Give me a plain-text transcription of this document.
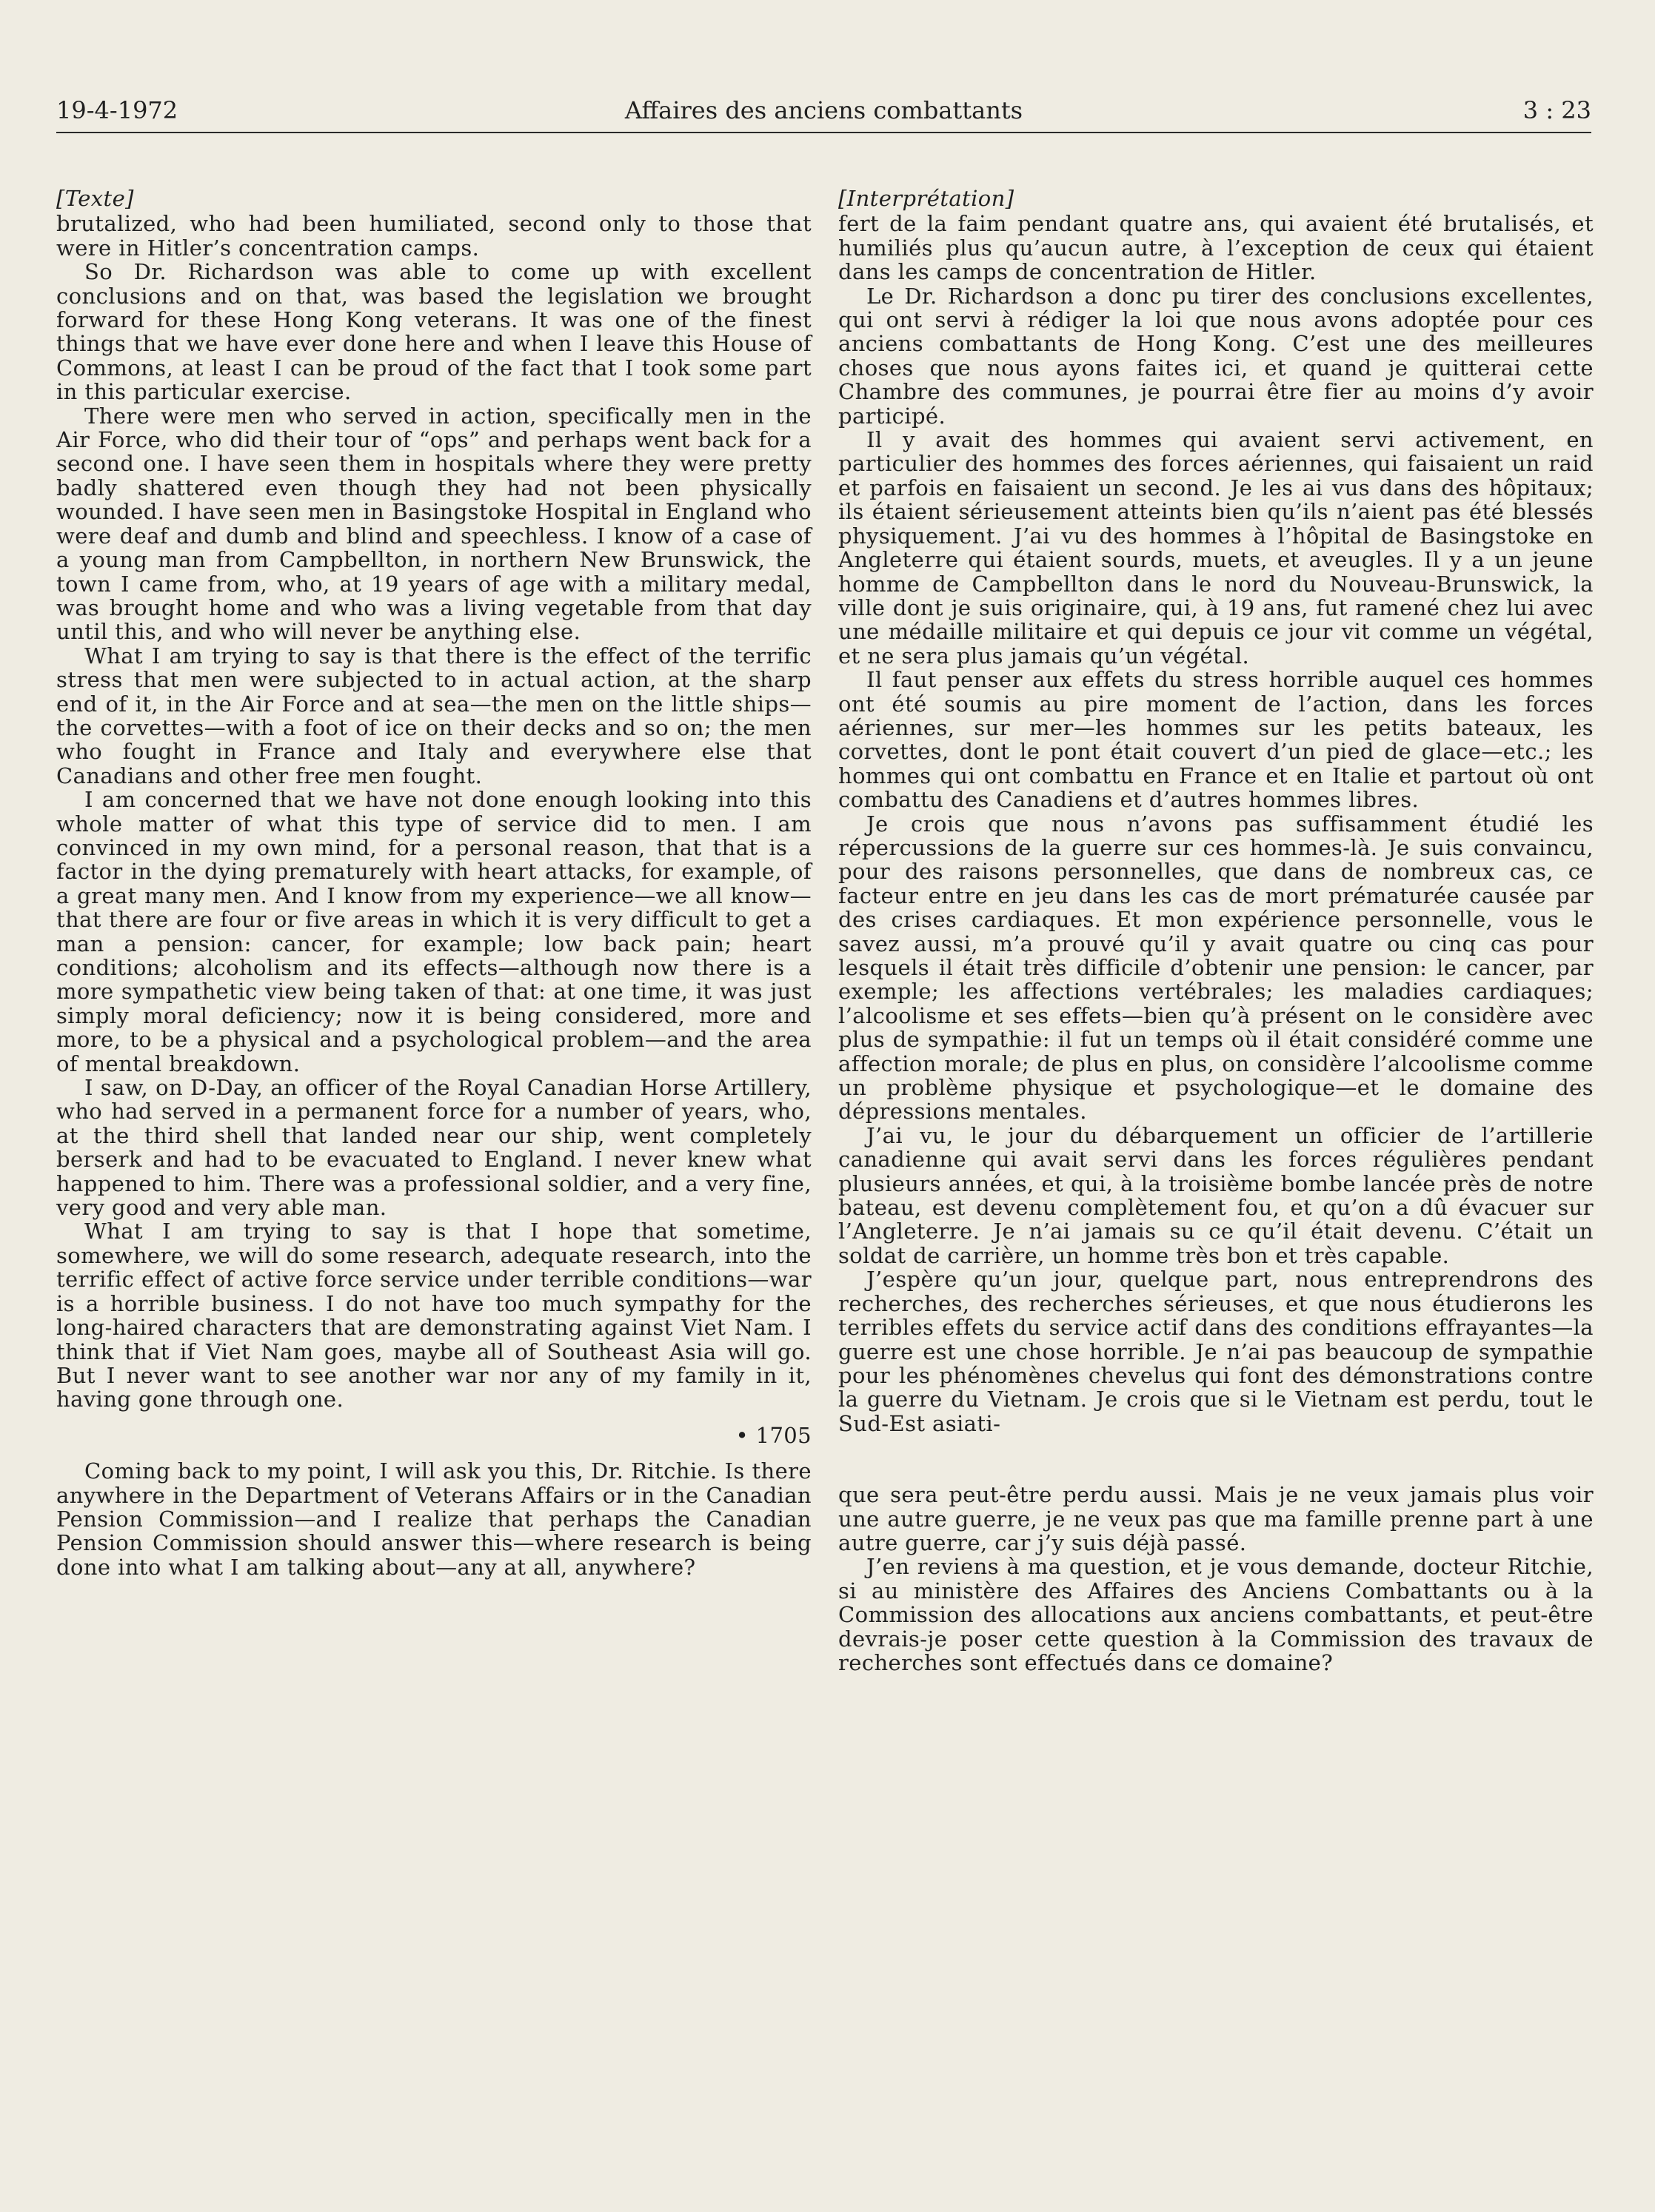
19-4-1972	Affaires des anciens combattants	3 : 23
[Texte]

brutalized, who had been humiliated, second only to those that were in Hitler’s concentration camps.

So Dr. Richardson was able to come up with excellent conclusions and on that, was based the legislation we brought forward for these Hong Kong veterans. It was one of the finest things that we have ever done here and when I leave this House of Commons, at least I can be proud of the fact that I took some part in this particular exercise.

There were men who served in action, specifically men in the Air Force, who did their tour of “ops” and perhaps went back for a second one. I have seen them in hospitals where they were pretty badly shattered even though they had not been physically wounded. I have seen men in Basingstoke Hospital in England who were deaf and dumb and blind and speechless. I know of a case of a young man from Campbellton, in northern New Brunswick, the town I came from, who, at 19 years of age with a military medal, was brought home and who was a living vegetable from that day until this, and who will never be anything else.

What I am trying to say is that there is the effect of the terrific stress that men were subjected to in actual action, at the sharp end of it, in the Air Force and at sea—the men on the little ships—the corvettes—with a foot of ice on their decks and so on; the men who fought in France and Italy and everywhere else that Canadians and other free men fought.

I am concerned that we have not done enough looking into this whole matter of what this type of service did to men. I am convinced in my own mind, for a personal reason, that that is a factor in the dying prematurely with heart attacks, for example, of a great many men. And I know from my experience—we all know—that there are four or five areas in which it is very difficult to get a man a pension: cancer, for example; low back pain; heart conditions; alcoholism and its effects—although now there is a more sympathetic view being taken of that: at one time, it was just simply moral deficiency; now it is being considered, more and more, to be a physical and a psychological problem—and the area of mental breakdown.

I saw, on D-Day, an officer of the Royal Canadian Horse Artillery, who had served in a permanent force for a number of years, who, at the third shell that landed near our ship, went completely berserk and had to be evacuated to England. I never knew what happened to him. There was a professional soldier, and a very fine, very good and very able man.

What I am trying to say is that I hope that sometime, somewhere, we will do some research, adequate research, into the terrific effect of active force service under terrible conditions—war is a horrible business. I do not have too much sympathy for the long-haired characters that are demonstrating against Viet Nam. I think that if Viet Nam goes, maybe all of Southeast Asia will go. But I never want to see another war nor any of my family in it, having gone through one.

• 1705

Coming back to my point, I will ask you this, Dr. Ritchie. Is there anywhere in the Department of Veterans Affairs or in the Canadian Pension Commission—and I realize that perhaps the Canadian Pension Commission should answer this—where research is being done into what I am talking about—any at all, anywhere?

[Interprétation]

fert de la faim pendant quatre ans, qui avaient été brutalisés, et humiliés plus qu’aucun autre, à l’exception de ceux qui étaient dans les camps de concentration de Hitler.

Le Dr. Richardson a donc pu tirer des conclusions excellentes, qui ont servi à rédiger la loi que nous avons adoptée pour ces anciens combattants de Hong Kong. C’est une des meilleures choses que nous ayons faites ici, et quand je quitterai cette Chambre des communes, je pourrai être fier au moins d’y avoir participé.

Il y avait des hommes qui avaient servi activement, en particulier des hommes des forces aériennes, qui faisaient un raid et parfois en faisaient un second. Je les ai vus dans des hôpitaux; ils étaient sérieusement atteints bien qu’ils n’aient pas été blessés physiquement. J’ai vu des hommes à l’hôpital de Basingstoke en Angleterre qui étaient sourds, muets, et aveugles. Il y a un jeune homme de Campbellton dans le nord du Nouveau-Brunswick, la ville dont je suis originaire, qui, à 19 ans, fut ramené chez lui avec une médaille militaire et qui depuis ce jour vit comme un végétal, et ne sera plus jamais qu’un végétal.

Il faut penser aux effets du stress horrible auquel ces hommes ont été soumis au pire moment de l’action, dans les forces aériennes, sur mer—les hommes sur les petits bateaux, les corvettes, dont le pont était couvert d’un pied de glace—etc.; les hommes qui ont combattu en France et en Italie et partout où ont combattu des Canadiens et d’autres hommes libres.

Je crois que nous n’avons pas suffisamment étudié les répercussions de la guerre sur ces hommes-là. Je suis convaincu, pour des raisons personnelles, que dans de nombreux cas, ce facteur entre en jeu dans les cas de mort prématurée causée par des crises cardiaques. Et mon expérience personnelle, vous le savez aussi, m’a prouvé qu’il y avait quatre ou cinq cas pour lesquels il était très difficile d’obtenir une pension: le cancer, par exemple; les affections vertébrales; les maladies cardiaques; l’alcoolisme et ses effets—bien qu’à présent on le considère avec plus de sympathie: il fut un temps où il était considéré comme une affection morale; de plus en plus, on considère l’alcoolisme comme un problème physique et psychologique—et le domaine des dépressions mentales.

J’ai vu, le jour du débarquement un officier de l’artillerie canadienne qui avait servi dans les forces régulières pendant plusieurs années, et qui, à la troisième bombe lancée près de notre bateau, est devenu complètement fou, et qu’on a dû évacuer sur l’Angleterre. Je n’ai jamais su ce qu’il était devenu. C’était un soldat de carrière, un homme très bon et très capable.

J’espère qu’un jour, quelque part, nous entreprendrons des recherches, des recherches sérieuses, et que nous étudierons les terribles effets du service actif dans des conditions effrayantes—la guerre est une chose horrible. Je n’ai pas beaucoup de sympathie pour les phénomènes chevelus qui font des démonstrations contre la guerre du Vietnam. Je crois que si le Vietnam est perdu, tout le Sud-Est asiati-

que sera peut-être perdu aussi. Mais je ne veux jamais plus voir une autre guerre, je ne veux pas que ma famille prenne part à une autre guerre, car j’y suis déjà passé.

J’en reviens à ma question, et je vous demande, docteur Ritchie, si au ministère des Affaires des Anciens Combattants ou à la Commission des allocations aux anciens combattants, et peut-être devrais-je poser cette question à la Commission des travaux de recherches sont effectués dans ce domaine?
